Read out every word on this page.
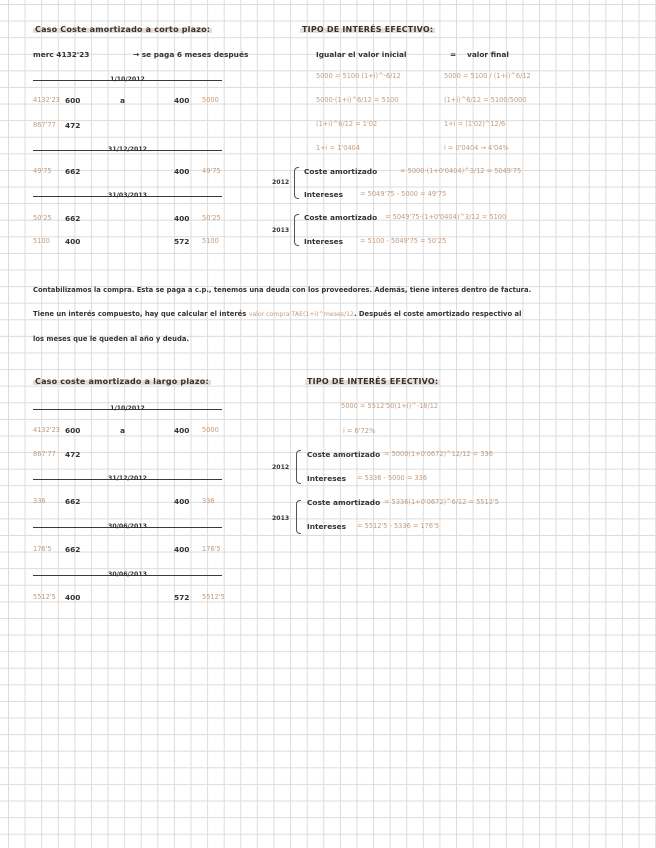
Caso Coste amortizado a corto plazo:
merc 4132'23	→ se paga 6 meses después
1/10/2012
4132'23 600	a	400 5000
867'77 472
31/12/2012
49'75 662	400 49'75
31/03/2013
50'25 662	400 50'25
5100 400	572 5100
TIPO DE INTERÉS EFECTIVO:
Igualar el valor inicial	= valor final
5000 = 5100 (1+i)^-6/12	5000 = 5100 / (1+i)^6/12
5000·(1+i)^6/12 = 5100	(1+i)^6/12 = 5100/5000
(1+i)^6/12 = 1'02	1+i = (1'02)^12/6
1+i = 1'0404	i = 0'0404 → 4'04%
2012
Coste amortizado	= 5000·(1+0'0404)^3/12 = 5049'75
Intereses	= 5049'75 - 5000 = 49'75
2013
Coste amortizado = 5049'75·(1+0'0404)^3/12 = 5100
Intereses	= 5100 - 5049'75 = 50'25
Contabilizamos la compra. Esta se paga a c.p., tenemos una deuda con los proveedores. Además, tiene interes dentro de factura.
Tiene un interés compuesto, hay que calcular el interés valor compra·TAE(1+i)^meses/12. Después el coste amortizado respectivo al
los meses que le queden al año y deuda.
Caso coste amortizado a largo plazo:
1/10/2012
4132'23 600	a	400 5000
867'77 472
31/12/2012
336	662	400 336
30/06/2013
176'5 662	400 176'5
30/06/2013
5512'5 400	572 5512'5
TIPO DE INTERÉS EFECTIVO:
5000 = 5512'50(1+i)^-18/12
i = 6'72%
2012
Coste amortizado = 5000(1+0'0672)^12/12 = 336
Intereses = 5336 - 5000 = 336
2013
Coste amortizado = 5336(1+0'0672)^6/12 = 5512'5
Intereses = 5512'5 - 5336 = 176'5
